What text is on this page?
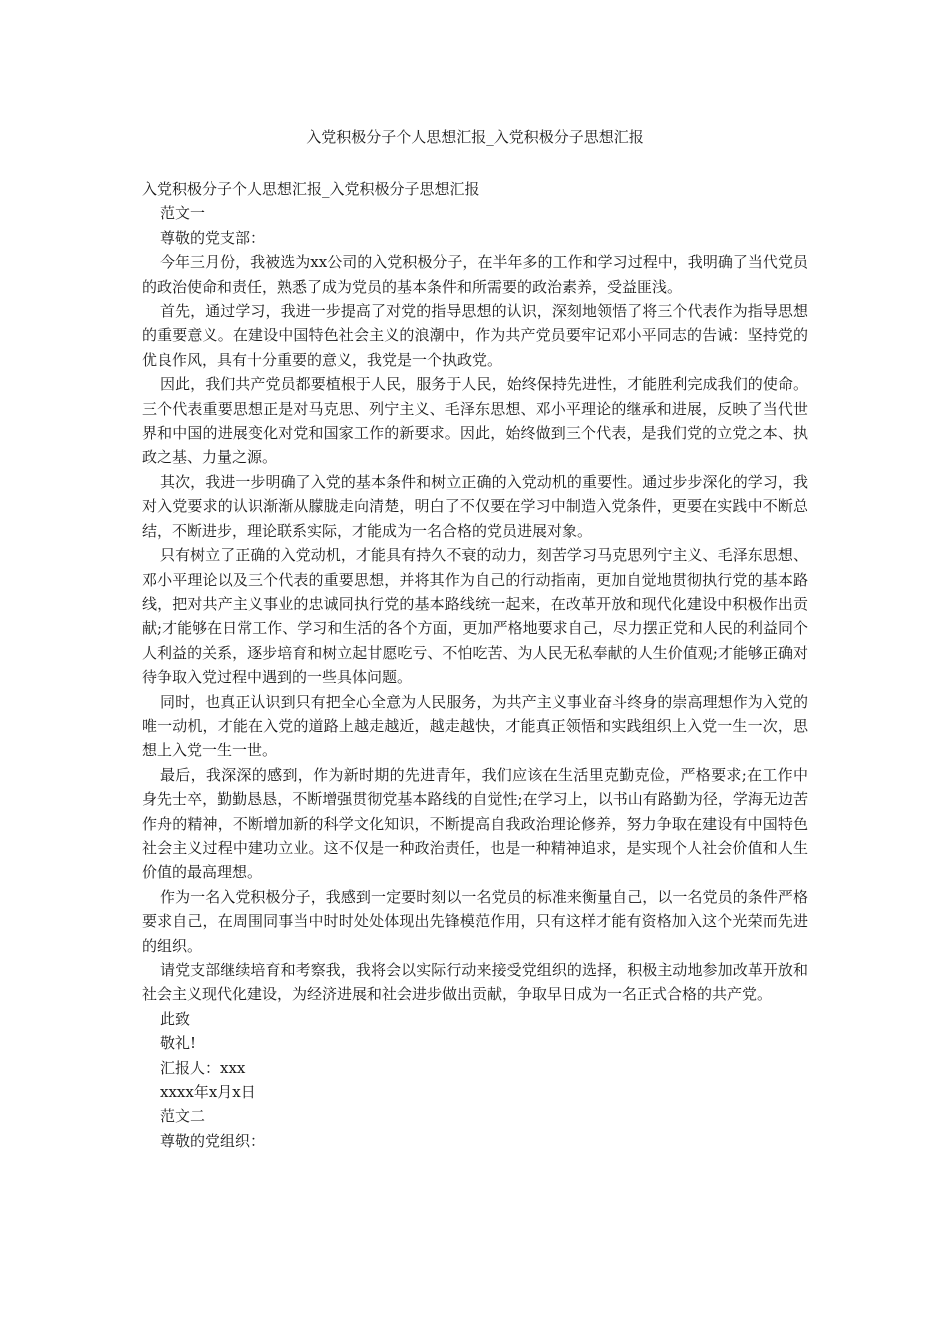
入党积极分子个人思想汇报_入党积极分子思想汇报

入党积极分子个人思想汇报_入党积极分子思想汇报

范文一

尊敬的党支部：

今年三月份，我被选为xx公司的入党积极分子，在半年多的工作和学习过程中，我明确了当代党员的政治使命和责任，熟悉了成为党员的基本条件和所需要的政治素养，受益匪浅。

首先，通过学习，我进一步提高了对党的指导思想的认识，深刻地领悟了将三个代表作为指导思想的重要意义。在建设中国特色社会主义的浪潮中，作为共产党员要牢记邓小平同志的告诫：坚持党的优良作风，具有十分重要的意义，我党是一个执政党。

因此，我们共产党员都要植根于人民，服务于人民，始终保持先进性，才能胜利完成我们的使命。三个代表重要思想正是对马克思、列宁主义、毛泽东思想、邓小平理论的继承和进展，反映了当代世界和中国的进展变化对党和国家工作的新要求。因此，始终做到三个代表，是我们党的立党之本、执政之基、力量之源。

其次，我进一步明确了入党的基本条件和树立正确的入党动机的重要性。通过步步深化的学习，我对入党要求的认识渐渐从朦胧走向清楚，明白了不仅要在学习中制造入党条件，更要在实践中不断总结，不断进步，理论联系实际，才能成为一名合格的党员进展对象。

只有树立了正确的入党动机，才能具有持久不衰的动力，刻苦学习马克思列宁主义、毛泽东思想、邓小平理论以及三个代表的重要思想，并将其作为自己的行动指南，更加自觉地贯彻执行党的基本路线，把对共产主义事业的忠诚同执行党的基本路线统一起来，在改革开放和现代化建设中积极作出贡献;才能够在日常工作、学习和生活的各个方面，更加严格地要求自己，尽力摆正党和人民的利益同个人利益的关系，逐步培育和树立起甘愿吃亏、不怕吃苦、为人民无私奉献的人生价值观;才能够正确对待争取入党过程中遇到的一些具体问题。

同时，也真正认识到只有把全心全意为人民服务，为共产主义事业奋斗终身的崇高理想作为入党的唯一动机，才能在入党的道路上越走越近，越走越快，才能真正领悟和实践组织上入党一生一次，思想上入党一生一世。

最后，我深深的感到，作为新时期的先进青年，我们应该在生活里克勤克俭，严格要求;在工作中身先士卒，勤勤恳恳，不断增强贯彻党基本路线的自觉性;在学习上，以书山有路勤为径，学海无边苦作舟的精神，不断增加新的科学文化知识，不断提高自我政治理论修养，努力争取在建设有中国特色社会主义过程中建功立业。这不仅是一种政治责任，也是一种精神追求，是实现个人社会价值和人生价值的最高理想。

作为一名入党积极分子，我感到一定要时刻以一名党员的标准来衡量自己，以一名党员的条件严格要求自己，在周围同事当中时时处处体现出先锋模范作用，只有这样才能有资格加入这个光荣而先进的组织。

请党支部继续培育和考察我，我将会以实际行动来接受党组织的选择，积极主动地参加改革开放和社会主义现代化建设，为经济进展和社会进步做出贡献，争取早日成为一名正式合格的共产党。

此致

敬礼!

汇报人：xxx

xxxx年x月x日

范文二

尊敬的党组织：
